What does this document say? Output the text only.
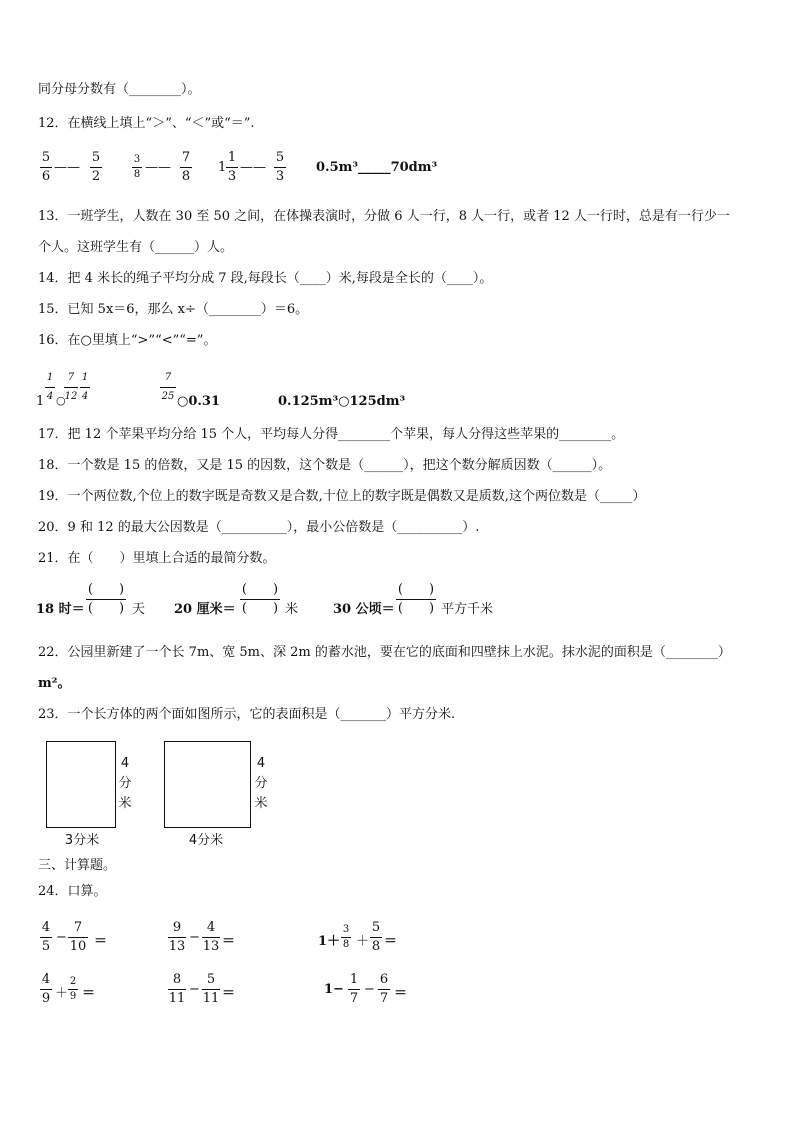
同分母分数有（________）。
12．在横线上填上“＞”、“＜”或“＝”.
5
6
——
5
2
3
8 ——
7
8
1
1
3
——
5
3
0.5m³_____70dm³
13．一班学生，人数在 30 至 50 之间，在体操表演时，分做 6 人一行，8 人一行，或者 12 人一行时，总是有一行少一
个人。这班学生有（______）人。
14．把 4 米长的绳子平均分成 7 段,每段长（____）米,每段是全长的（____）。
15．已知 5x＝6，那么 x÷（________）＝6。
16．在○里填上“>”“<”“=”。
1
1
4 ○
7
12
1
4
7
25 ○0.31	0.125m³○125dm³
17．把 12 个苹果平均分给 15 个人，平均每人分得________个苹果，每人分得这些苹果的________。
18．一个数是 15 的倍数，又是 15 的因数，这个数是（______），把这个数分解质因数（______）。
19．一个两位数,个位上的数字既是奇数又是合数,十位上的数字既是偶数又是质数,这个两位数是（_____）
20．9 和 12 的最大公因数是（__________），最小公倍数是（__________）.
21．在（　　）里填上合适的最简分数。
18 时＝
(　　)
(　　) 天 20 厘米＝
(　　)
(　　) 米	30 公顷＝
(　　)
(　　) 平方千米
22．公园里新建了一个长 7m、宽 5m、深 2m 的蓄水池，要在它的底面和四壁抹上水泥。抹水泥的面积是（________）
m²。
23．一个长方体的两个面如图所示，它的表面积是（_______）平方分米.
4
分
米
3分米
4
分
米
4分米
三、计算题。
24．口算。
4
5
−
7
10 ＝
9
13
−
4
13 ＝	1＋
3
8 ＋
5
8 ＝
4
9 ＋
2
9 ＝
8
11
−
5
11 ＝	1−
1
7
−
6
7 ＝
